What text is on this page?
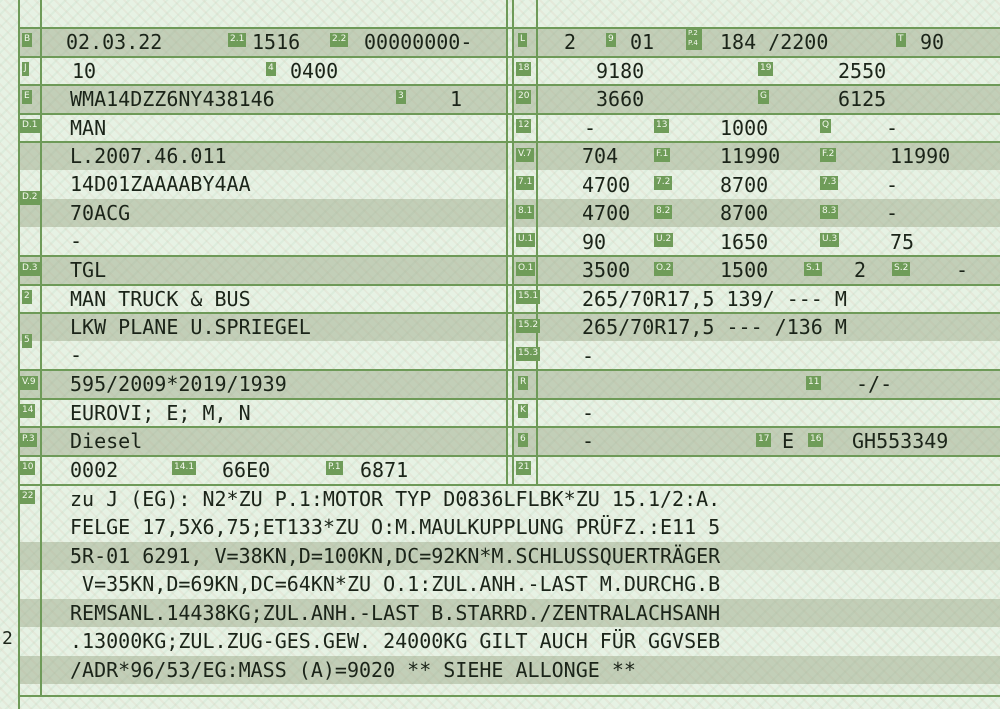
B 02.03.22	2.1 1516	2.2 00000000-
J 10	4 0400
E WMA14DZZ6NY438146	3 1
D.1 MAN
D.2
L.2007.46.011
14D01ZAAAABY4AA
70ACG
-
D.3 TGL
2 MAN TRUCK & BUS
5
LKW PLANE U.SPRIEGEL
-
V.9 595/2009*2019/1939
14 EUROVI; E; M, N
P.3 Diesel
10 0002	14.1 66E0	P.1 6871
L 2	9 01	P.2 P.4 184 /2200	T 90
18	9180	19	2550
20	3660	G	6125
12	-	13	1000	Q	-
V.7	704	F.1	11990	F.2	11990
7.1 4700	7.2 8700	7.3 -
8.1 4700	8.2 8700	8.3 -
U.1 90	U.2 1650	U.3	75
O.1 3500	O.2 1500	S.1 2	S.2 -
15.1 265/70R17,5 139/ --- M
15.2 265/70R17,5 --- /136 M
15.3 -
R	11 -/-
K	-
6	-	17 E 16 GH553349
21
22 zu J (EG): N2*ZU P.1:MOTOR TYP D0836LFLBK*ZU 15.1/2:A.
FELGE 17,5X6,75;ET133*ZU O:M.MAULKUPPLUNG PRÜFZ.:E11 5
5R-01 6291, V=38KN,D=100KN,DC=92KN*M.SCHLUSSQUERTRÄGER
V=35KN,D=69KN,DC=64KN*ZU O.1:ZUL.ANH.-LAST M.DURCHG.B
REMSANL.14438KG;ZUL.ANH.-LAST B.STARRD./ZENTRALACHSANH
.13000KG;ZUL.ZUG-GES.GEW. 24000KG GILT AUCH FÜR GGVSEB
/ADR*96/53/EG:MASS (A)=9020 ** SIEHE ALLONGE **
2
